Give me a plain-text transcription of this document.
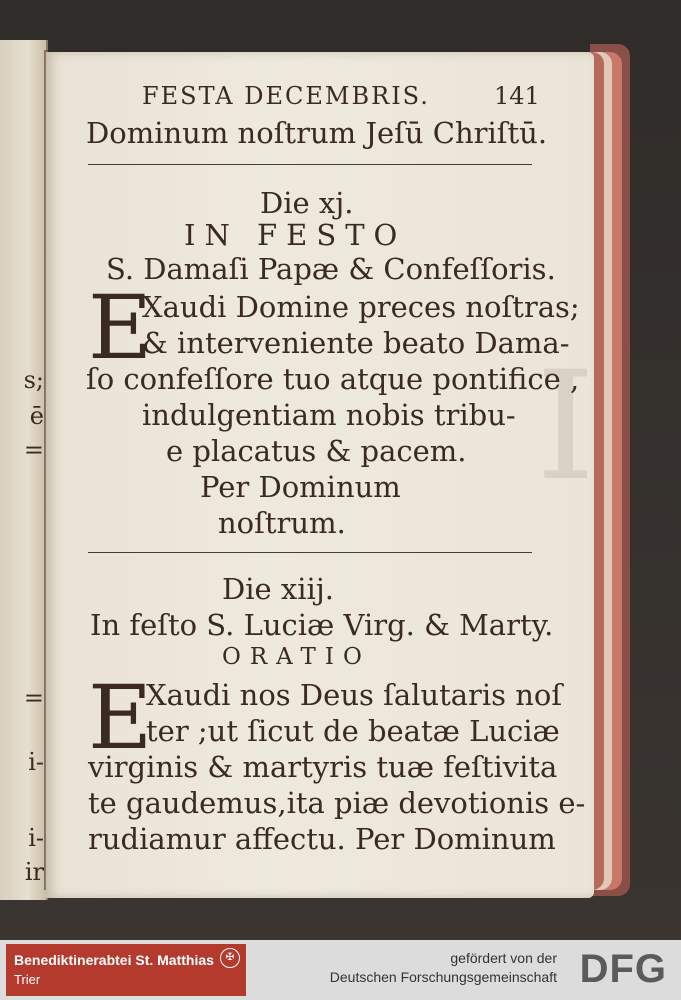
s;
ē
=
=
i-
i-
ir
I
FESTA DECEMBRIS.	141
Dominum noſtrum Jeſū Chriſtū.
Die xj.
IN FESTO
S. Damaſi Papæ & Confeſſoris.
E
Xaudi Domine preces noſtras;
& interveniente beato Dama-
ſo confeſſore tuo atque pontifice ,
indulgentiam nobis tribu-
e placatus & pacem.
Per Dominum
noſtrum.
Die xiij.
In feſto S. Luciæ Virg. & Marty.
ORATIO
E
Xaudi nos Deus ſalutaris noſ
ter ;ut ſicut de beatæ Luciæ
virginis & martyris tuæ feſtivita
te gaudemus,ita piæ devotionis e-
rudiamur affectu. Per Dominum
Benediktinerabtei St. Matthias
Trier
✠	gefördert von der
Deutschen Forschungsgemeinschaft DFG
